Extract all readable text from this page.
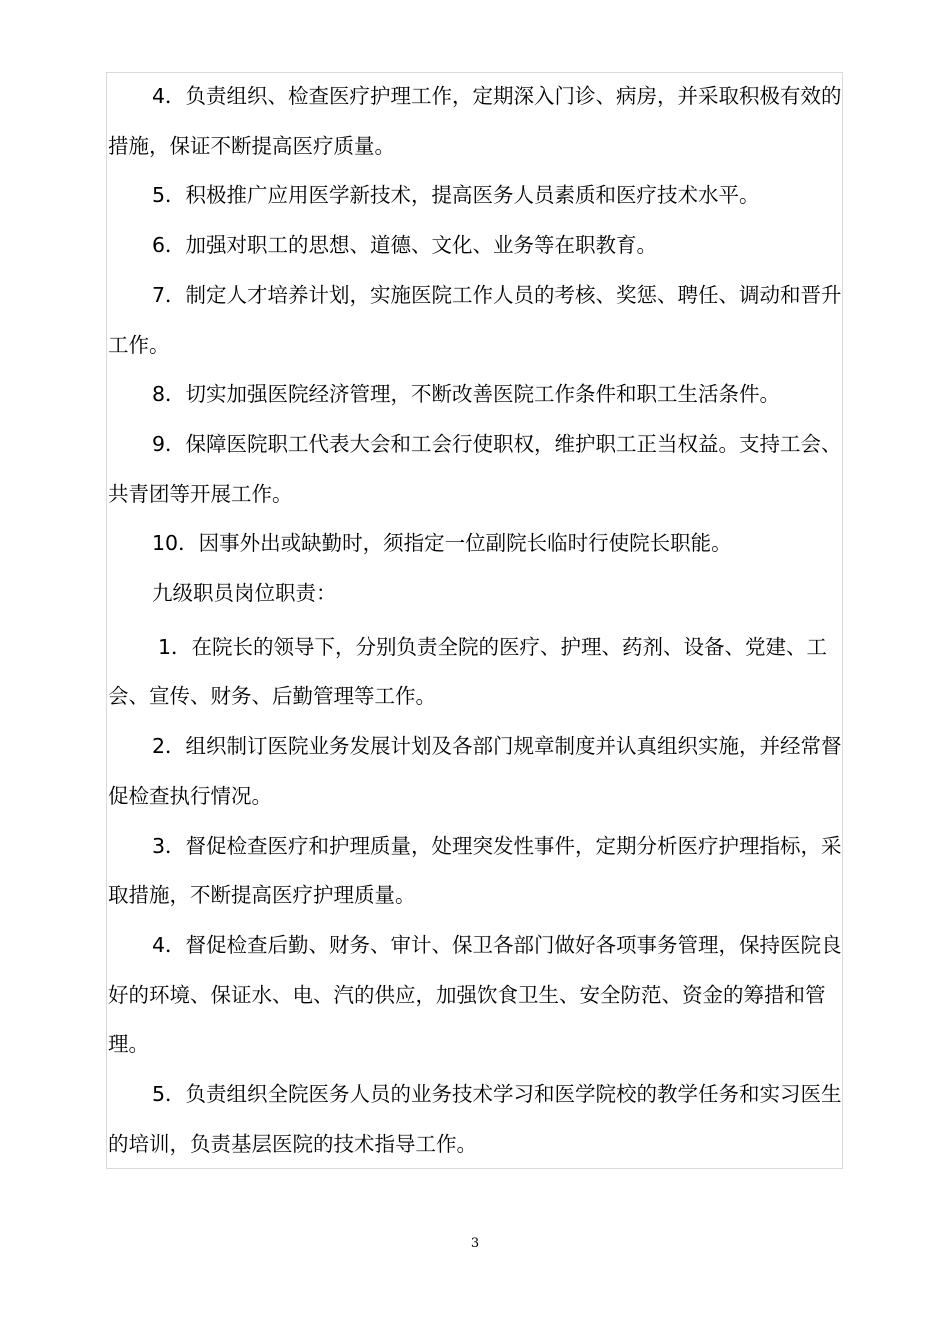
4．负责组织、检查医疗护理工作，定期深入门诊、病房，并采取积极有效的措施，保证不断提高医疗质量。

5．积极推广应用医学新技术，提高医务人员素质和医疗技术水平。

6．加强对职工的思想、道德、文化、业务等在职教育。

7．制定人才培养计划，实施医院工作人员的考核、奖惩、聘任、调动和晋升工作。

8．切实加强医院经济管理，不断改善医院工作条件和职工生活条件。

9．保障医院职工代表大会和工会行使职权，维护职工正当权益。支持工会、共青团等开展工作。

10．因事外出或缺勤时，须指定一位副院长临时行使院长职能。

九级职员岗位职责：

1．在院长的领导下，分别负责全院的医疗、护理、药剂、设备、党建、工会、宣传、财务、后勤管理等工作。

2．组织制订医院业务发展计划及各部门规章制度并认真组织实施，并经常督促检查执行情况。

3．督促检查医疗和护理质量，处理突发性事件，定期分析医疗护理指标，采取措施，不断提高医疗护理质量。

4．督促检查后勤、财务、审计、保卫各部门做好各项事务管理，保持医院良好的环境、保证水、电、汽的供应，加强饮食卫生、安全防范、资金的筹措和管理。

5．负责组织全院医务人员的业务技术学习和医学院校的教学任务和实习医生的培训，负责基层医院的技术指导工作。

3
